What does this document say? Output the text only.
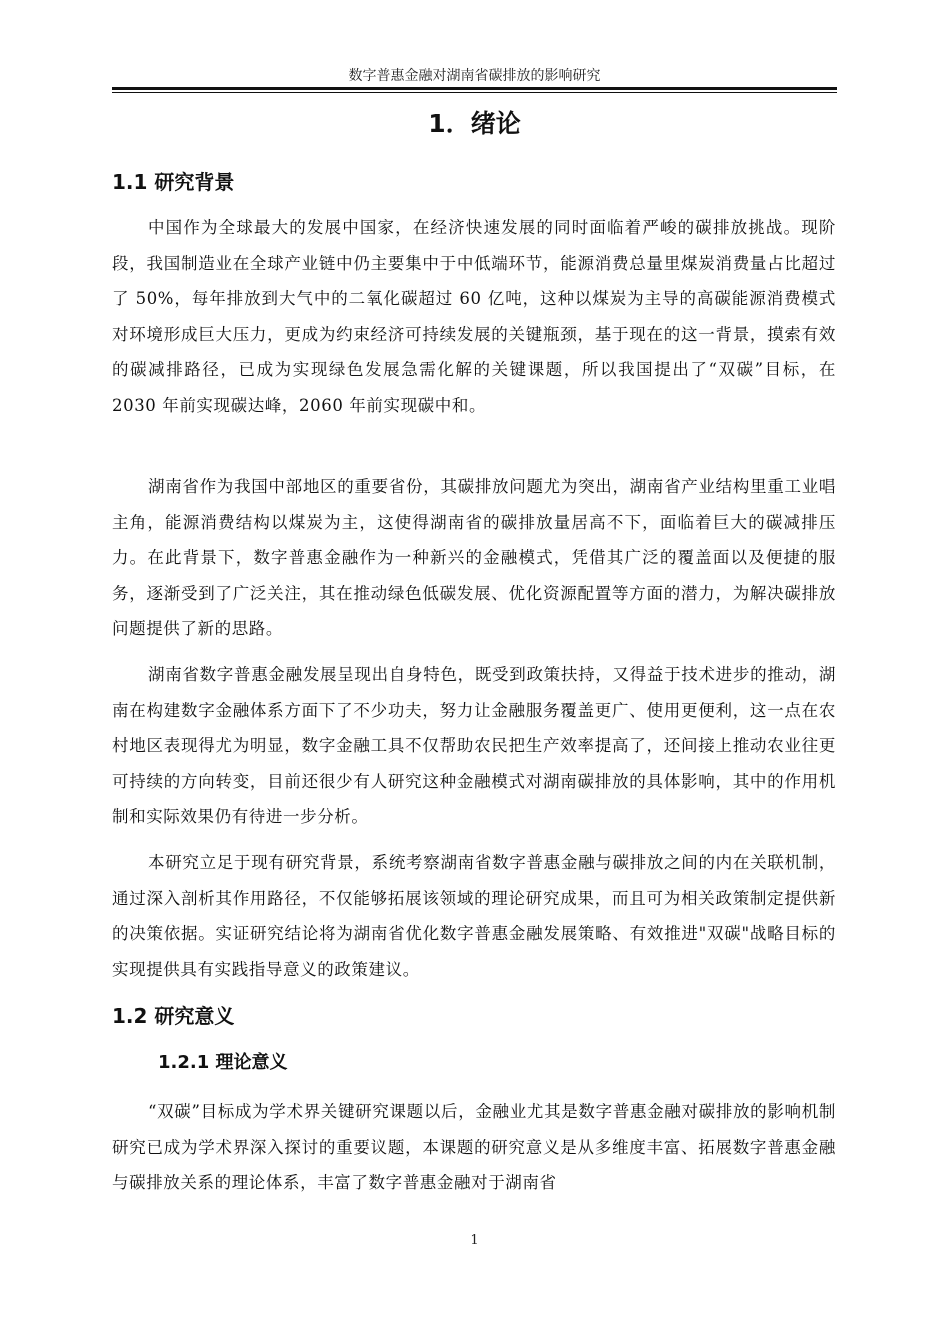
数字普惠金融对湖南省碳排放的影响研究
1．绪论
1.1 研究背景

中国作为全球最大的发展中国家，在经济快速发展的同时面临着严峻的碳排放挑战。现阶段，我国制造业在全球产业链中仍主要集中于中低端环节，能源消费总量里煤炭消费量占比超过了 50%，每年排放到大气中的二氧化碳超过 60 亿吨，这种以煤炭为主导的高碳能源消费模式对环境形成巨大压力，更成为约束经济可持续发展的关键瓶颈，基于现在的这一背景，摸索有效的碳减排路径，已成为实现绿色发展急需化解的关键课题，所以我国提出了“双碳”目标，在 2030 年前实现碳达峰，2060 年前实现碳中和。

湖南省作为我国中部地区的重要省份，其碳排放问题尤为突出，湖南省产业结构里重工业唱主角，能源消费结构以煤炭为主，这使得湖南省的碳排放量居高不下，面临着巨大的碳减排压力。在此背景下，数字普惠金融作为一种新兴的金融模式，凭借其广泛的覆盖面以及便捷的服务，逐渐受到了广泛关注，其在推动绿色低碳发展、优化资源配置等方面的潜力，为解决碳排放问题提供了新的思路。

湖南省数字普惠金融发展呈现出自身特色，既受到政策扶持，又得益于技术进步的推动，湖南在构建数字金融体系方面下了不少功夫，努力让金融服务覆盖更广、使用更便利，这一点在农村地区表现得尤为明显，数字金融工具不仅帮助农民把生产效率提高了，还间接上推动农业往更可持续的方向转变，目前还很少有人研究这种金融模式对湖南碳排放的具体影响，其中的作用机制和实际效果仍有待进一步分析。

本研究立足于现有研究背景，系统考察湖南省数字普惠金融与碳排放之间的内在关联机制，通过深入剖析其作用路径，不仅能够拓展该领域的理论研究成果，而且可为相关政策制定提供新的决策依据。实证研究结论将为湖南省优化数字普惠金融发展策略、有效推进"双碳"战略目标的实现提供具有实践指导意义的政策建议。

1.2 研究意义
1.2.1 理论意义

“双碳”目标成为学术界关键研究课题以后，金融业尤其是数字普惠金融对碳排放的影响机制研究已成为学术界深入探讨的重要议题，本课题的研究意义是从多维度丰富、拓展数字普惠金融与碳排放关系的理论体系，丰富了数字普惠金融对于湖南省

1
